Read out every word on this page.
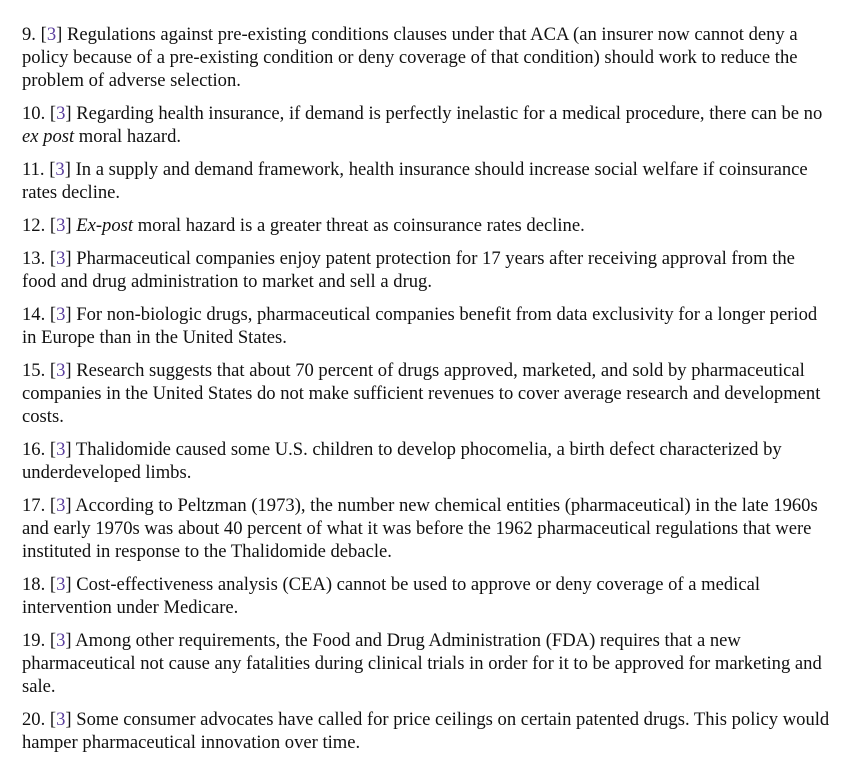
9. [3] Regulations against pre-existing conditions clauses under that ACA (an insurer now cannot deny a policy because of a pre-existing condition or deny coverage of that condition) should work to reduce the problem of adverse selection.

10. [3] Regarding health insurance, if demand is perfectly inelastic for a medical procedure, there can be no ex post moral hazard.

11. [3] In a supply and demand framework, health insurance should increase social welfare if coinsurance rates decline.

12. [3] Ex-post moral hazard is a greater threat as coinsurance rates decline.

13. [3] Pharmaceutical companies enjoy patent protection for 17 years after receiving approval from the food and drug administration to market and sell a drug.

14. [3] For non-biologic drugs, pharmaceutical companies benefit from data exclusivity for a longer period in Europe than in the United States.

15. [3] Research suggests that about 70 percent of drugs approved, marketed, and sold by pharmaceutical companies in the United States do not make sufficient revenues to cover average research and development costs.

16. [3] Thalidomide caused some U.S. children to develop phocomelia, a birth defect characterized by underdeveloped limbs.

17. [3] According to Peltzman (1973), the number new chemical entities (pharmaceutical) in the late 1960s and early 1970s was about 40 percent of what it was before the 1962 pharmaceutical regulations that were instituted in response to the Thalidomide debacle.

18. [3] Cost-effectiveness analysis (CEA) cannot be used to approve or deny coverage of a medical intervention under Medicare.

19. [3] Among other requirements, the Food and Drug Administration (FDA) requires that a new pharmaceutical not cause any fatalities during clinical trials in order for it to be approved for marketing and sale.

20. [3] Some consumer advocates have called for price ceilings on certain patented drugs. This policy would hamper pharmaceutical innovation over time.
